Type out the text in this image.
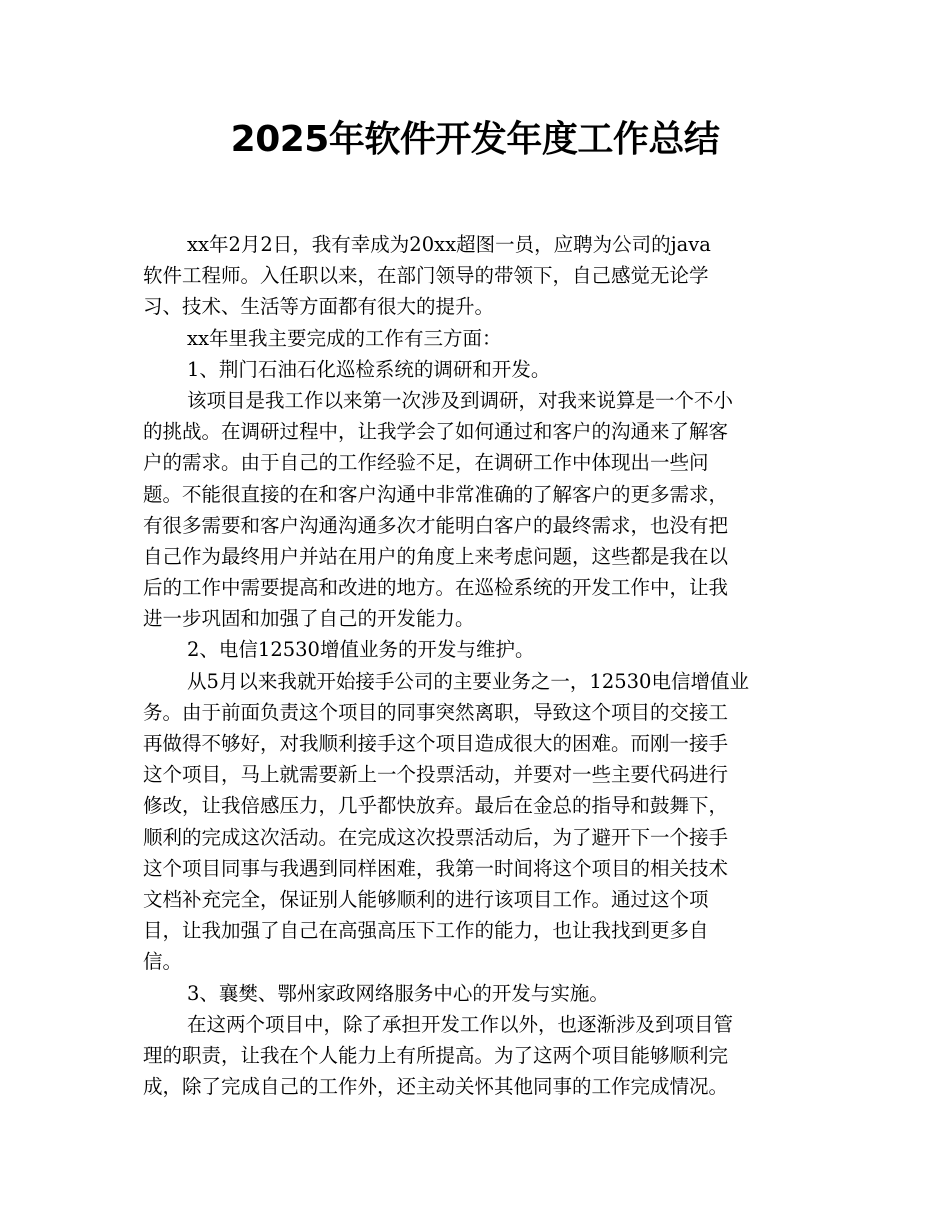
2025年软件开发年度工作总结
xx年2月2日，我有幸成为20xx超图一员，应聘为公司的java
软件工程师。入任职以来，在部门领导的带领下，自己感觉无论学
习、技术、生活等方面都有很大的提升。
xx年里我主要完成的工作有三方面：
1、荆门石油石化巡检系统的调研和开发。
该项目是我工作以来第一次涉及到调研，对我来说算是一个不小
的挑战。在调研过程中，让我学会了如何通过和客户的沟通来了解客
户的需求。由于自己的工作经验不足，在调研工作中体现出一些问
题。不能很直接的在和客户沟通中非常准确的了解客户的更多需求，
有很多需要和客户沟通沟通多次才能明白客户的最终需求，也没有把
自己作为最终用户并站在用户的角度上来考虑问题，这些都是我在以
后的工作中需要提高和改进的地方。在巡检系统的开发工作中，让我
进一步巩固和加强了自己的开发能力。
2、电信12530增值业务的开发与维护。
从5月以来我就开始接手公司的主要业务之一，12530电信增值业
务。由于前面负责这个项目的同事突然离职，导致这个项目的交接工
再做得不够好，对我顺利接手这个项目造成很大的困难。而刚一接手
这个项目，马上就需要新上一个投票活动，并要对一些主要代码进行
修改，让我倍感压力，几乎都快放弃。最后在金总的指导和鼓舞下，
顺利的完成这次活动。在完成这次投票活动后，为了避开下一个接手
这个项目同事与我遇到同样困难，我第一时间将这个项目的相关技术
文档补充完全，保证别人能够顺利的进行该项目工作。通过这个项
目，让我加强了自己在高强高压下工作的能力，也让我找到更多自
信。
3、襄樊、鄂州家政网络服务中心的开发与实施。
在这两个项目中，除了承担开发工作以外，也逐渐涉及到项目管
理的职责，让我在个人能力上有所提高。为了这两个项目能够顺利完
成，除了完成自己的工作外，还主动关怀其他同事的工作完成情况。
